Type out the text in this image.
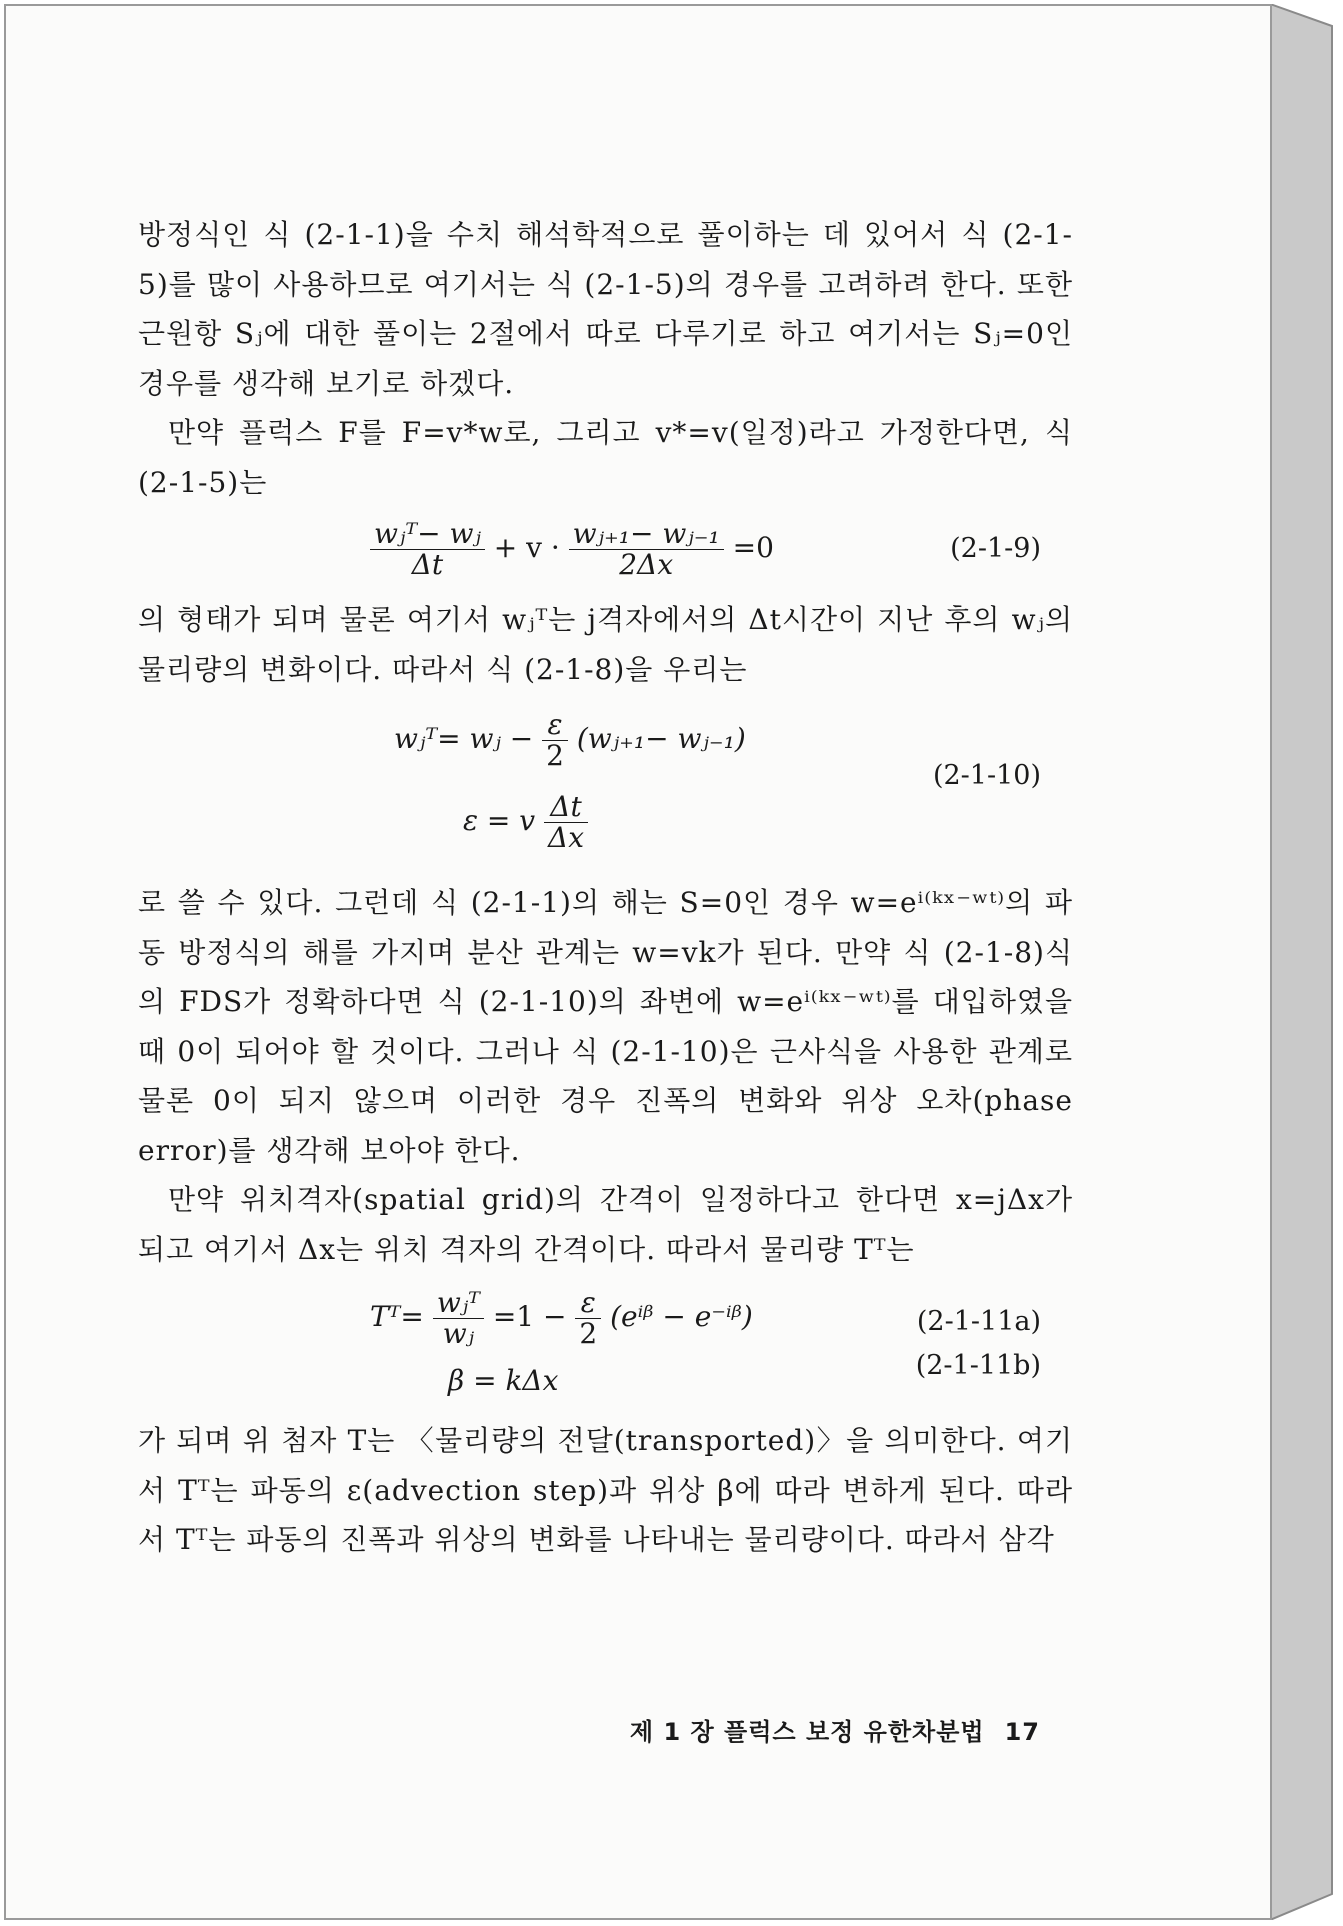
방정식인 식 (2-1-1)을 수치 해석학적으로 풀이하는 데 있어서 식 (2-1-5)를 많이 사용하므로 여기서는 식 (2-1-5)의 경우를 고려하려 한다. 또한 근원항 Sⱼ에 대한 풀이는 2절에서 따로 다루기로 하고 여기서는 Sⱼ=0인 경우를 생각해 보기로 하겠다.

만약 플럭스 F를 F=v*w로, 그리고 v*=v(일정)라고 가정한다면, 식 (2-1-5)는

$\frac{\text{wⱼᵀ− wⱼ}}{\Delta t} + v \cdot \frac{\text{wⱼ₊₁− wⱼ₋₁}}{2\Delta x} =0$	(2-1-9)

의 형태가 되며 물론 여기서 wⱼᵀ는 j격자에서의 Δt시간이 지난 후의 wⱼ의 물리량의 변화이다. 따라서 식 (2-1-8)을 우리는

wⱼᵀ= wⱼ − $\frac{\varepsilon}{2}$ (wⱼ₊₁− wⱼ₋₁)
ε = v $\frac{\Delta t}{\Delta x}$
(2-1-10)

로 쓸 수 있다. 그런데 식 (2-1-1)의 해는 S=0인 경우 w=eⁱ⁽ᵏˣ⁻ʷᵗ⁾의 파동 방정식의 해를 가지며 분산 관계는 w=vk가 된다. 만약 식 (2-1-8)식의 FDS가 정확하다면 식 (2-1-10)의 좌변에 w=eⁱ⁽ᵏˣ⁻ʷᵗ⁾를 대입하였을 때 0이 되어야 할 것이다. 그러나 식 (2-1-10)은 근사식을 사용한 관계로 물론 0이 되지 않으며 이러한 경우 진폭의 변화와 위상 오차(phase error)를 생각해 보아야 한다.

만약 위치격자(spatial grid)의 간격이 일정하다고 한다면 x=jΔx가 되고 여기서 Δx는 위치 격자의 간격이다. 따라서 물리량 Tᵀ는

Tᵀ= $\frac{\text{wⱼᵀ}}{\text{wⱼ}} =1 - \frac{\varepsilon}{2}$ (eⁱᵝ − e⁻ⁱᵝ)
β = kΔx
(2-1-11a)
(2-1-11b)

가 되며 위 첨자 T는 〈물리량의 전달(transported)〉을 의미한다. 여기서 Tᵀ는 파동의 ε(advection step)과 위상 β에 따라 변하게 된다. 따라서 Tᵀ는 파동의 진폭과 위상의 변화를 나타내는 물리량이다. 따라서 삼각

제 1 장 플럭스 보정 유한차분법 17
